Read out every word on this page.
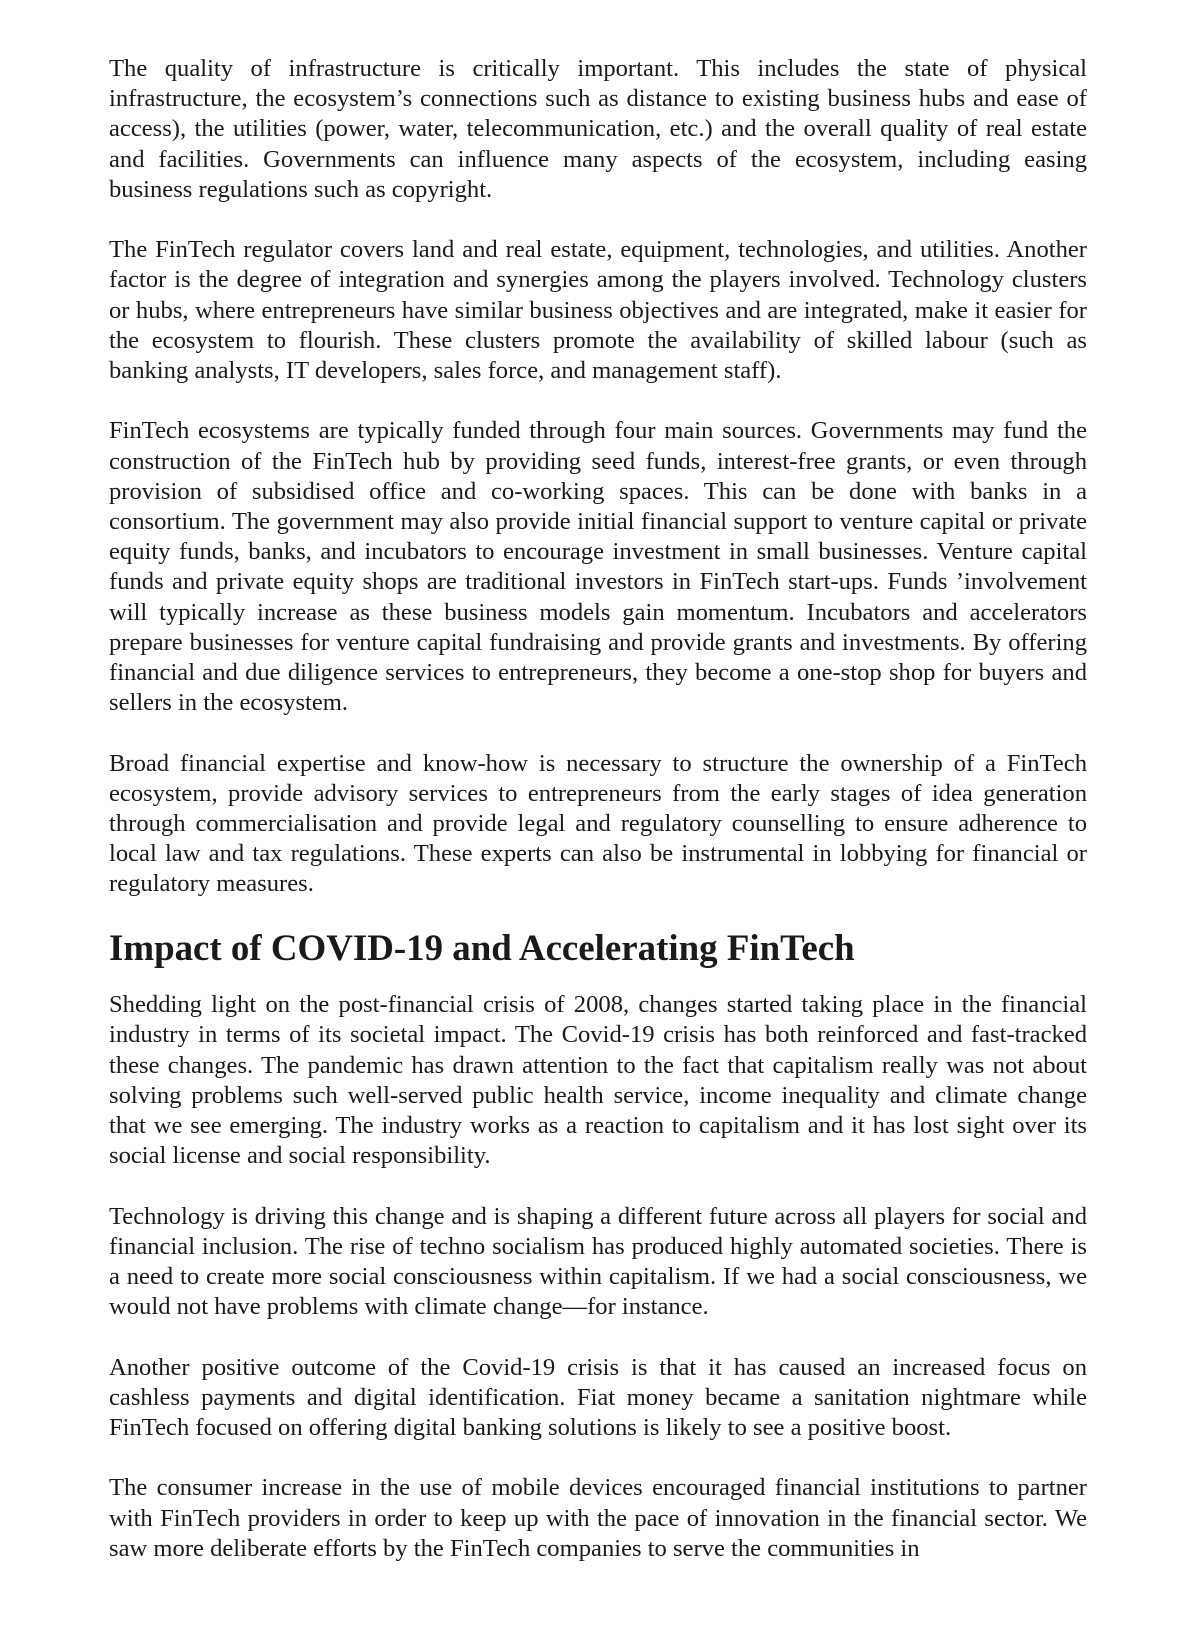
The quality of infrastructure is critically important. This includes the state of physical infrastructure, the ecosystem’s connections such as distance to existing business hubs and ease of access), the utilities (power, water, telecommunication, etc.) and the overall quality of real estate and facilities. Governments can influence many aspects of the ecosystem, including easing business regulations such as copyright.

The FinTech regulator covers land and real estate, equipment, technologies, and utilities. Another factor is the degree of integration and synergies among the players involved. Technology clusters or hubs, where entrepreneurs have similar business objectives and are integrated, make it easier for the ecosystem to flourish. These clusters promote the availability of skilled labour (such as banking analysts, IT developers, sales force, and management staff).

FinTech ecosystems are typically funded through four main sources. Governments may fund the construction of the FinTech hub by providing seed funds, interest-free grants, or even through provision of subsidised office and co-working spaces. This can be done with banks in a consortium. The government may also provide initial financial support to venture capital or private equity funds, banks, and incubators to encourage investment in small businesses. Venture capital funds and private equity shops are traditional investors in FinTech start-ups. Funds ’involvement will typically increase as these business models gain momentum. Incubators and accelerators prepare businesses for venture capital fundraising and provide grants and investments. By offering financial and due diligence services to entrepreneurs, they become a one-stop shop for buyers and sellers in the ecosystem.

Broad financial expertise and know-how is necessary to structure the ownership of a FinTech ecosystem, provide advisory services to entrepreneurs from the early stages of idea generation through commercialisation and provide legal and regulatory counselling to ensure adherence to local law and tax regulations. These experts can also be instrumental in lobbying for financial or regulatory measures.

Impact of COVID-19 and Accelerating FinTech

Shedding light on the post-financial crisis of 2008, changes started taking place in the financial industry in terms of its societal impact. The Covid-19 crisis has both reinforced and fast-tracked these changes. The pandemic has drawn attention to the fact that capitalism really was not about solving problems such well-served public health service, income inequality and climate change that we see emerging. The industry works as a reaction to capitalism and it has lost sight over its social license and social responsibility.

Technology is driving this change and is shaping a different future across all players for social and financial inclusion. The rise of techno socialism has produced highly automated societies. There is a need to create more social consciousness within capitalism. If we had a social consciousness, we would not have problems with climate change—for instance.

Another positive outcome of the Covid-19 crisis is that it has caused an increased focus on cashless payments and digital identification. Fiat money became a sanitation nightmare while FinTech focused on offering digital banking solutions is likely to see a positive boost.

The consumer increase in the use of mobile devices encouraged financial institutions to partner with FinTech providers in order to keep up with the pace of innovation in the financial sector. We saw more deliberate efforts by the FinTech companies to serve the communities in
